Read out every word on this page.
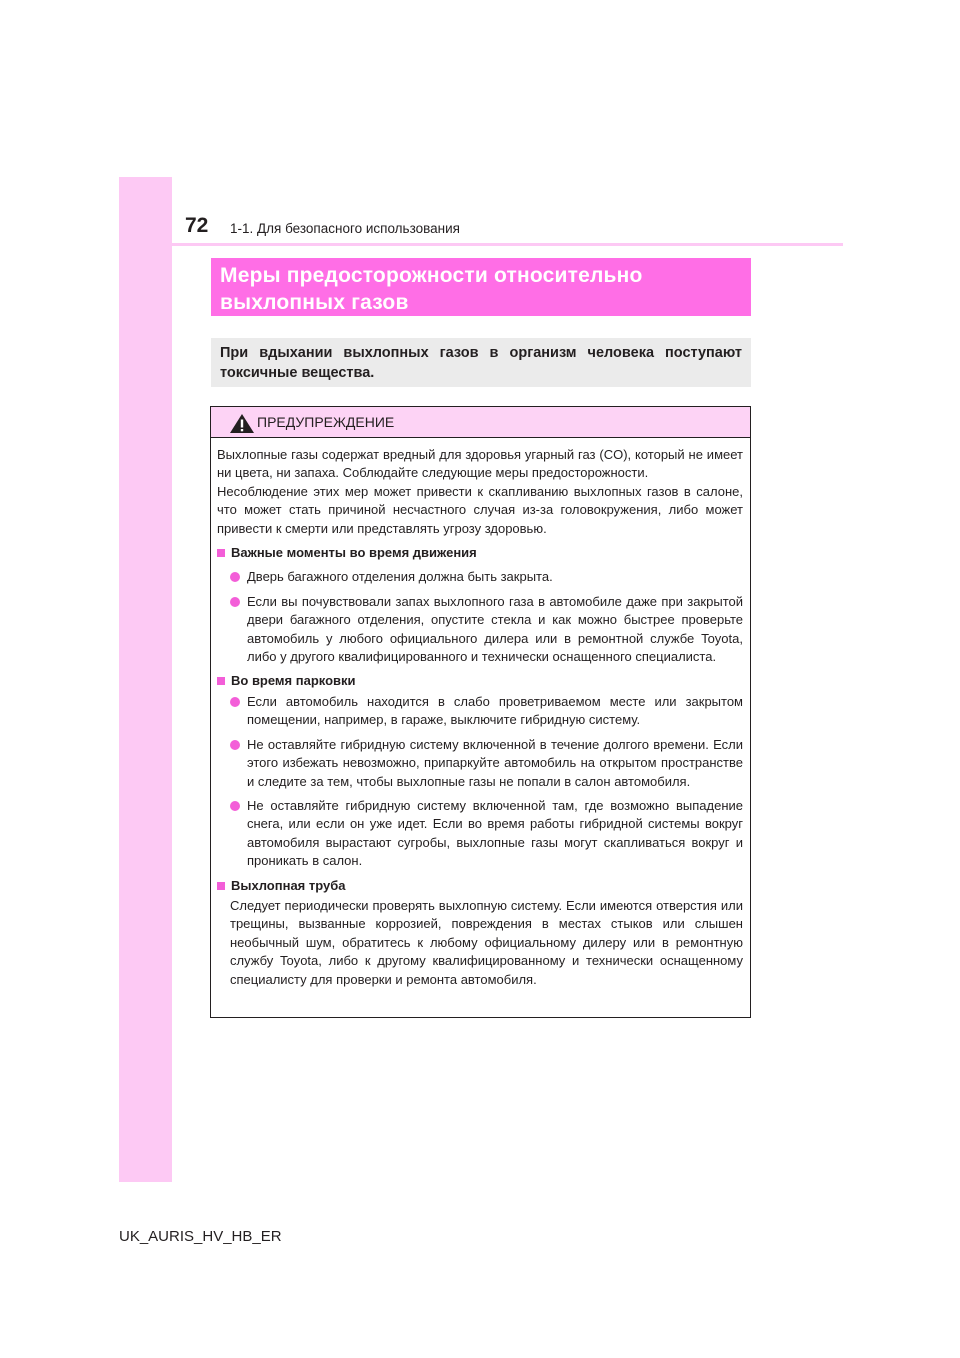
72 1-1. Для безопасного использования
Меры предосторожности относительно
выхлопных газов
При вдыхании выхлопных газов в организм человека поступают токсичные вещества.
ПРЕДУПРЕЖДЕНИЕ

Выхлопные газы содержат вредный для здоровья угарный газ (CO), который не имеет ни цвета, ни запаха. Соблюдайте следующие меры предосторожности.

Несоблюдение этих мер может привести к скапливанию выхлопных газов в салоне, что может стать причиной несчастного случая из-за головокружения, либо может привести к смерти или представлять угрозу здоровью.

Важные моменты во время движения
Дверь багажного отделения должна быть закрыта.
Если вы почувствовали запах выхлопного газа в автомобиле даже при закрытой двери багажного отделения, опустите стекла и как можно быстрее проверьте автомобиль у любого официального дилера или в ремонтной службе Toyota, либо у другого квалифицированного и технически оснащенного специалиста.
Во время парковки
Если автомобиль находится в слабо проветриваемом месте или закрытом помещении, например, в гараже, выключите гибридную систему.
Не оставляйте гибридную систему включенной в течение долгого времени. Если этого избежать невозможно, припаркуйте автомобиль на открытом пространстве и следите за тем, чтобы выхлопные газы не попали в салон автомобиля.
Не оставляйте гибридную систему включенной там, где возможно выпадение снега, или если он уже идет. Если во время работы гибридной системы вокруг автомобиля вырастают сугробы, выхлопные газы могут скапливаться вокруг и проникать в салон.
Выхлопная труба

Следует периодически проверять выхлопную систему. Если имеются отверстия или трещины, вызванные коррозией, повреждения в местах стыков или слышен необычный шум, обратитесь к любому официальному дилеру или в ремонтную службу Toyota, либо к другому квалифицированному и технически оснащенному специалисту для проверки и ремонта автомобиля.

UK_AURIS_HV_HB_ER
